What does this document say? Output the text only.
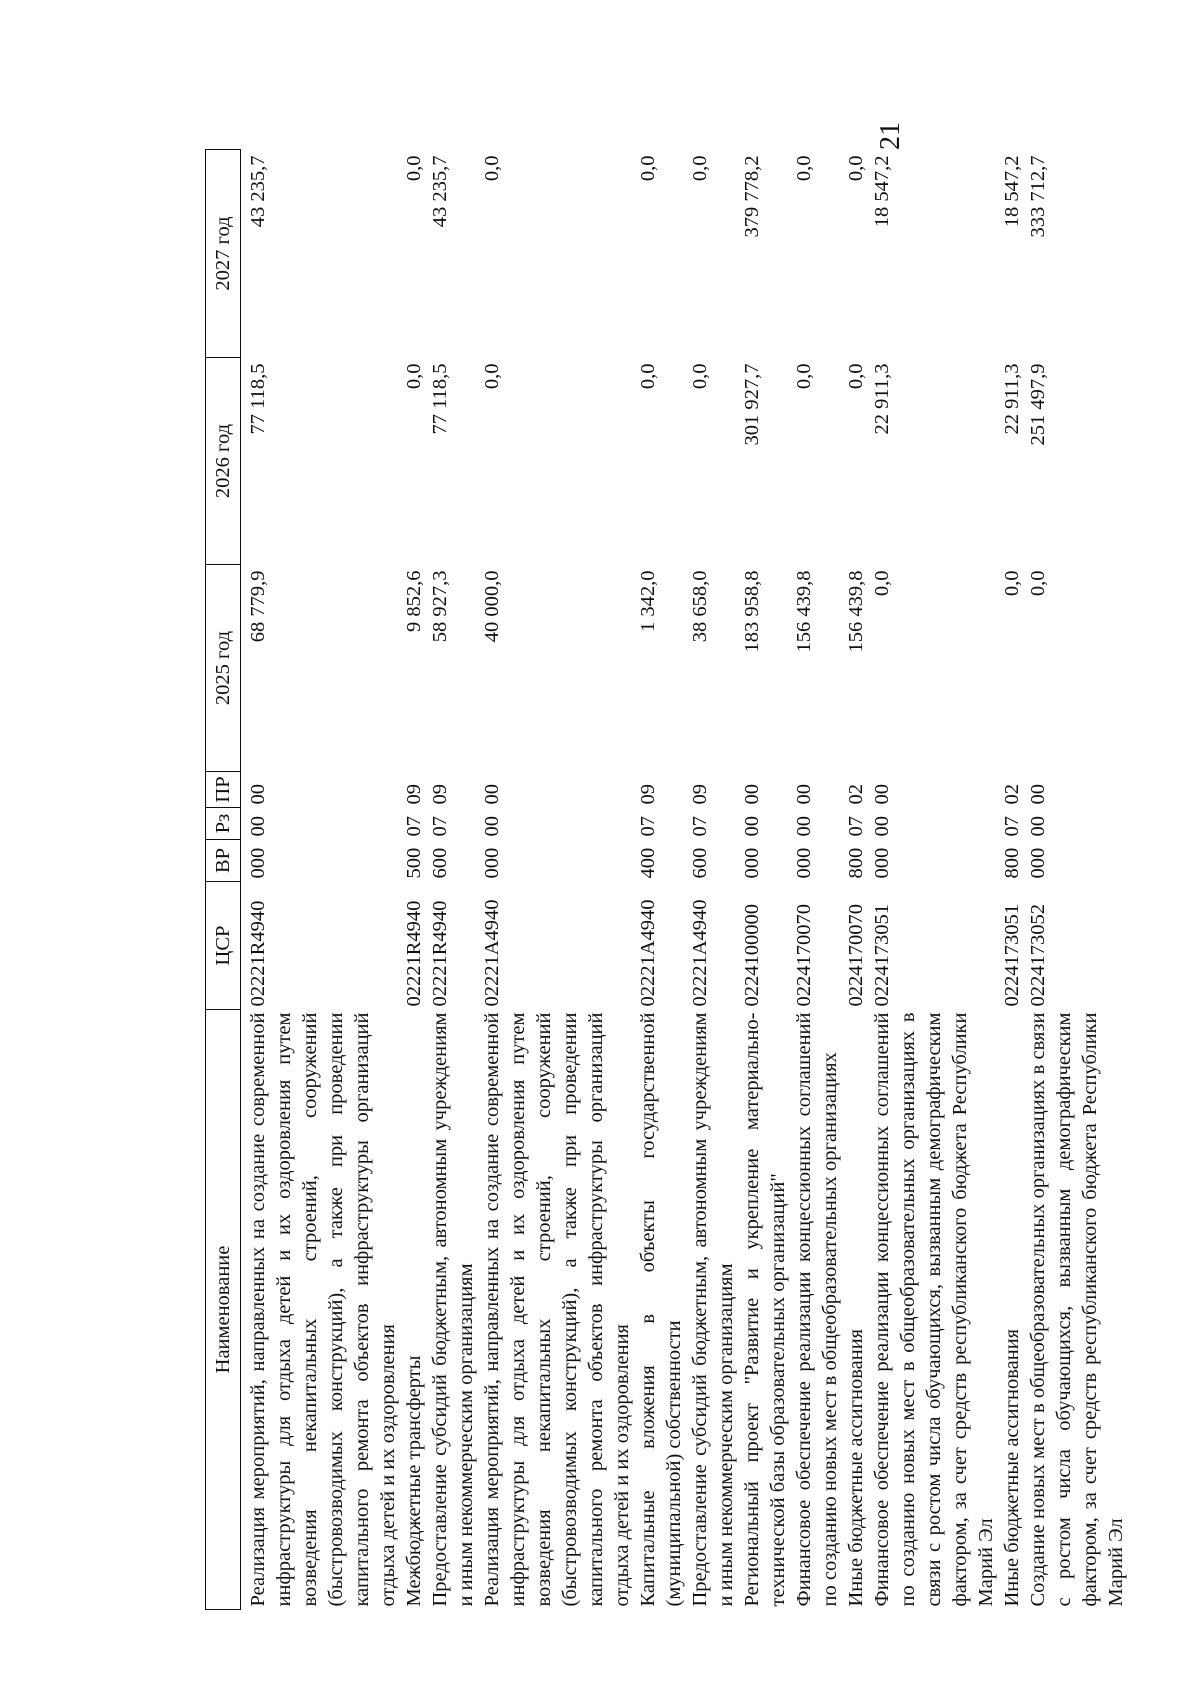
21
Наименование	ЦСР	ВР	Рз	ПР	2025 год	2026 год	2027 год
Реализация мероприятий, направленных на создание современной инфраструктуры для отдыха детей и их оздоровления путем возведения некапитальных строений, сооружений (быстровозводимых конструкций), а также при проведении капитального ремонта объектов инфраструктуры организаций отдыха детей и их оздоровления	02221R4940	000	00	00	68 779,9	77 118,5	43 235,7
Межбюджетные трансферты	02221R4940	500	07	09	9 852,6	0,0	0,0
Предоставление субсидий бюджетным, автономным учреждениям и иным некоммерческим организациям	02221R4940	600	07	09	58 927,3	77 118,5	43 235,7
Реализация мероприятий, направленных на создание современной инфраструктуры для отдыха детей и их оздоровления путем возведения некапитальных строений, сооружений (быстровозводимых конструкций), а также при проведении капитального ремонта объектов инфраструктуры организаций отдыха детей и их оздоровления	02221A4940	000	00	00	40 000,0	0,0	0,0
Капитальные вложения в объекты государственной (муниципальной) собственности	02221A4940	400	07	09	1 342,0	0,0	0,0
Предоставление субсидий бюджетным, автономным учреждениям и иным некоммерческим организациям	02221A4940	600	07	09	38 658,0	0,0	0,0
Региональный проект "Развитие и укрепление материально-технической базы образовательных организаций"	0224100000	000	00	00	183 958,8	301 927,7	379 778,2
Финансовое обеспечение реализации концессионных соглашений по созданию новых мест в общеобразовательных организациях	0224170070	000	00	00	156 439,8	0,0	0,0
Иные бюджетные ассигнования	0224170070	800	07	02	156 439,8	0,0	0,0
Финансовое обеспечение реализации концессионных соглашений по созданию новых мест в общеобразовательных организациях в связи с ростом числа обучающихся, вызванным демографическим фактором, за счет средств республиканского бюджета Республики Марий Эл	0224173051	000	00	00	0,0	22 911,3	18 547,2
Иные бюджетные ассигнования	0224173051	800	07	02	0,0	22 911,3	18 547,2
Создание новых мест в общеобразовательных организациях в связи с ростом числа обучающихся, вызванным демографическим фактором, за счет средств республиканского бюджета Республики Марий Эл	0224173052	000	00	00	0,0	251 497,9	333 712,7
